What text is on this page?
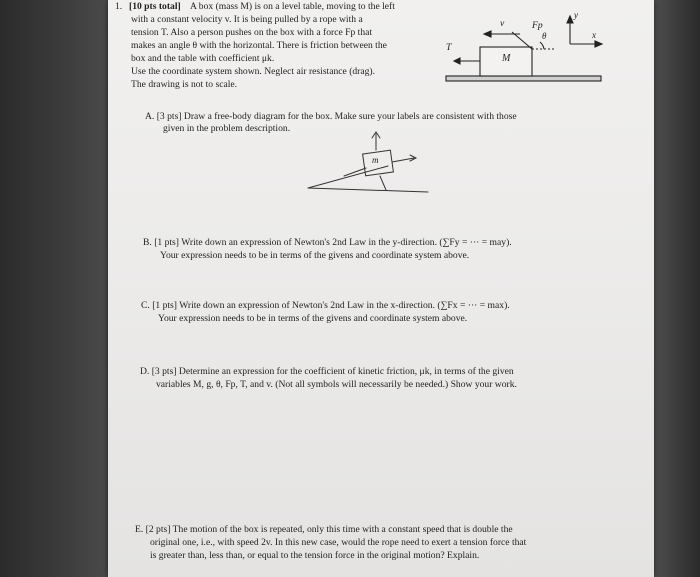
1. [10 pts total] A box (mass M) is on a level table, moving to the left
with a constant velocity v. It is being pulled by a rope with a
tension T. Also a person pushes on the box with a force Fp that
makes an angle θ with the horizontal. There is friction between the
box and the table with coefficient μk.
Use the coordinate system shown. Neglect air resistance (drag).
The drawing is not to scale.
M
v
T
Fp
θ
y
x
A. [3 pts] Draw a free-body diagram for the box. Make sure your labels are consistent with those
given in the problem description.
m
B. [1 pts] Write down an expression of Newton's 2nd Law in the y-direction. (∑Fy = ··· = may).
Your expression needs to be in terms of the givens and coordinate system above.
C. [1 pts] Write down an expression of Newton's 2nd Law in the x-direction. (∑Fx = ··· = max).
Your expression needs to be in terms of the givens and coordinate system above.
D. [3 pts] Determine an expression for the coefficient of kinetic friction, μk, in terms of the given
variables M, g, θ, Fp, T, and v. (Not all symbols will necessarily be needed.) Show your work.
E. [2 pts] The motion of the box is repeated, only this time with a constant speed that is double the
original one, i.e., with speed 2v. In this new case, would the rope need to exert a tension force that
is greater than, less than, or equal to the tension force in the original motion? Explain.
